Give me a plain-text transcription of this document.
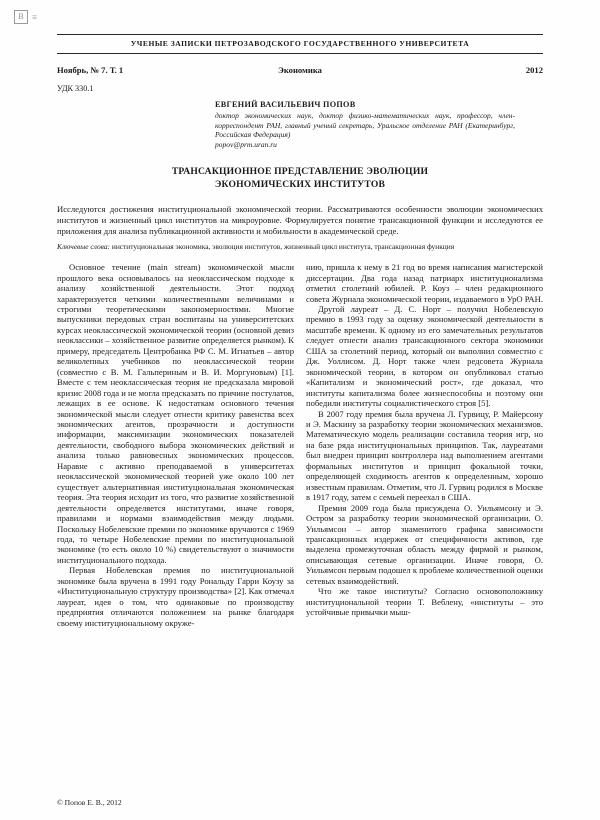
В ≡
УЧЕНЫЕ ЗАПИСКИ ПЕТРОЗАВОДСКОГО ГОСУДАРСТВЕННОГО УНИВЕРСИТЕТА
Ноябрь, № 7. Т. 1	Экономика	2012
УДК 330.1
ЕВГЕНИЙ ВАСИЛЬЕВИЧ ПОПОВ
доктор экономических наук, доктор физико-математических наук, профессор, член-корреспондент РАН, главный ученый секретарь, Уральское отделение РАН (Екатеринбург, Российская Федерация)
popov@prm.uran.ru
ТРАНСАКЦИОННОЕ ПРЕДСТАВЛЕНИЕ ЭВОЛЮЦИИ
ЭКОНОМИЧЕСКИХ ИНСТИТУТОВ

Исследуются достижения институциональной экономической теории. Рассматриваются особенности эволюции экономических институтов и жизненный цикл институтов на микроуровне. Формулируется понятие трансакционной функции и исследуются ее приложения для анализа публикационной активности и мобильности в академической среде.

Ключевые слова: институциональная экономика, эволюция институтов, жизненный цикл института, трансакционная функция

Основное течение (main stream) экономической мысли прошлого века основывалось на неоклассическом подходе к анализу хозяйственной деятельности. Этот подход характеризуется четкими количественными величинами и строгими теоретическими закономерностями. Многие выпускники передовых стран воспитаны на университетских курсах неоклассической экономической теории (основной девиз неоклассики – хозяйственное развитие определяется рынком). К примеру, председатель Центробанка РФ С. М. Игнатьев – автор великолепных учебников по неоклассической теории (совместно с В. М. Гальпериным и В. И. Моргуновым) [1]. Вместе с тем неоклассическая теория не предсказала мировой кризис 2008 года и не могла предсказать по причине постулатов, лежащих в ее основе. К недостаткам основного течения экономической мысли следует отнести критику равенства всех экономических агентов, прозрачности и доступности информации, максимизации экономических показателей деятельности, свободного выбора экономических действий и анализа только равновесных экономических процессов. Наравне с активно преподаваемой в университетах неоклассической экономической теорией уже около 100 лет существует альтернативная институциональная экономическая теория. Эта теория исходит из того, что развитие хозяйственной деятельности определяется институтами, иначе говоря, правилами и нормами взаимодействия между людьми. Поскольку Нобелевские премии по экономике вручаются с 1969 года, то четыре Нобелевские премии по институциональной экономике (то есть около 10 %) свидетельствуют о значимости институционального подхода.

Первая Нобелевская премия по институциональной экономике была вручена в 1991 году Рональду Гарри Коузу за «Институциональную структуру производства» [2]. Как отмечал лауреат, идея о том, что одинаковые по производству предприятия отличаются положением на рынке благодаря своему институциональному окруже-

нию, пришла к нему в 21 год во время написания магистерской диссертации. Два года назад патриарх институционализма отметил столетний юбилей. Р. Коуз – член редакционного совета Журнала экономической теории, издаваемого в УрО РАН.

Другой лауреат – Д. С. Норт – получил Нобелевскую премию в 1993 году за оценку экономической деятельности в масштабе времени. К одному из его замечательных результатов следует отнести анализ трансакционного сектора экономики США за столетний период, который он выполнил совместно с Дж. Уоллисом. Д. Норт также член редсовета Журнала экономической теории, в котором он опубликовал статью «Капитализм и экономический рост», где доказал, что институты капитализма более жизнеспособны и поэтому они победили институты социалистического строя [5].

В 2007 году премия была вручена Л. Гурвицу, Р. Майерсону и Э. Маскину за разработку теории экономических механизмов. Математическую модель реализации составила теория игр, но на базе ряда институциональных принципов. Так, лауреатами был внедрен принцип контроллера над выполнением агентами формальных институтов и принцип фокальной точки, определяющей сходимость агентов к определенным, хорошо известным правилам. Отметим, что Л. Гурвиц родился в Москве в 1917 году, затем с семьей переехал в США.

Премия 2009 года была присуждена О. Уильямсону и Э. Остром за разработку теории экономической организации. О. Уильямсон – автор знаменитого графика зависимости трансакционных издержек от специфичности активов, где выделена промежуточная область между фирмой и рынком, описывающая сетевые организации. Иначе говоря, О. Уильямсон первым подошел к проблеме количественной оценки сетевых взаимодействий.

Что же такое институты? Согласно основоположнику институциональной теории Т. Веблену, «институты – это устойчивые привычки мыш-

© Попов Е. В., 2012
